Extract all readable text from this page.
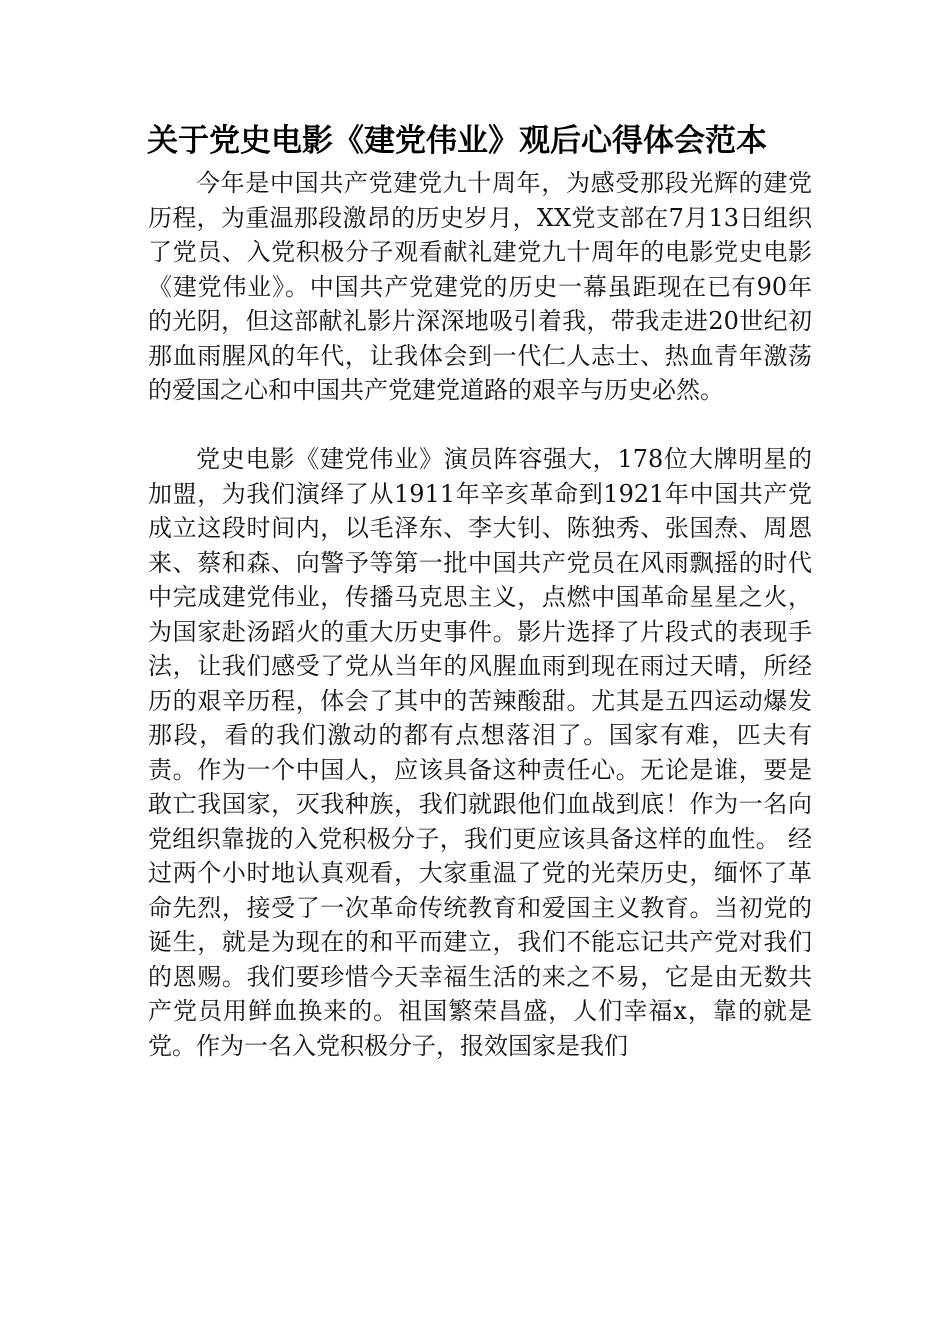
关于党史电影《建党伟业》观后心得体会范本

今年是中国共产党建党九十周年，为感受那段光辉的建党历程，为重温那段激昂的历史岁月，XX党支部在7月13日组织了党员、入党积极分子观看献礼建党九十周年的电影党史电影《建党伟业》。中国共产党建党的历史一幕虽距现在已有90年的光阴，但这部献礼影片深深地吸引着我，带我走进20世纪初那血雨腥风的年代，让我体会到一代仁人志士、热血青年激荡的爱国之心和中国共产党建党道路的艰辛与历史必然。

党史电影《建党伟业》演员阵容强大，178位大牌明星的加盟，为我们演绎了从1911年辛亥革命到1921年中国共产党成立这段时间内，以毛泽东、李大钊、陈独秀、张国焘、周恩来、蔡和森、向警予等第一批中国共产党员在风雨飘摇的时代中完成建党伟业，传播马克思主义，点燃中国革命星星之火，为国家赴汤蹈火的重大历史事件。影片选择了片段式的表现手法，让我们感受了党从当年的风腥血雨到现在雨过天晴，所经历的艰辛历程，体会了其中的苦辣酸甜。尤其是五四运动爆发那段，看的我们激动的都有点想落泪了。国家有难，匹夫有责。作为一个中国人，应该具备这种责任心。无论是谁，要是敢亡我国家，灭我种族，我们就跟他们血战到底！作为一名向党组织靠拢的入党积极分子，我们更应该具备这样的血性。 经过两个小时地认真观看，大家重温了党的光荣历史，缅怀了革命先烈，接受了一次革命传统教育和爱国主义教育。当初党的诞生，就是为现在的和平而建立，我们不能忘记共产党对我们的恩赐。我们要珍惜今天幸福生活的来之不易，它是由无数共产党员用鲜血换来的。祖国繁荣昌盛，人们幸福x，靠的就是党。作为一名入党积极分子，报效国家是我们
